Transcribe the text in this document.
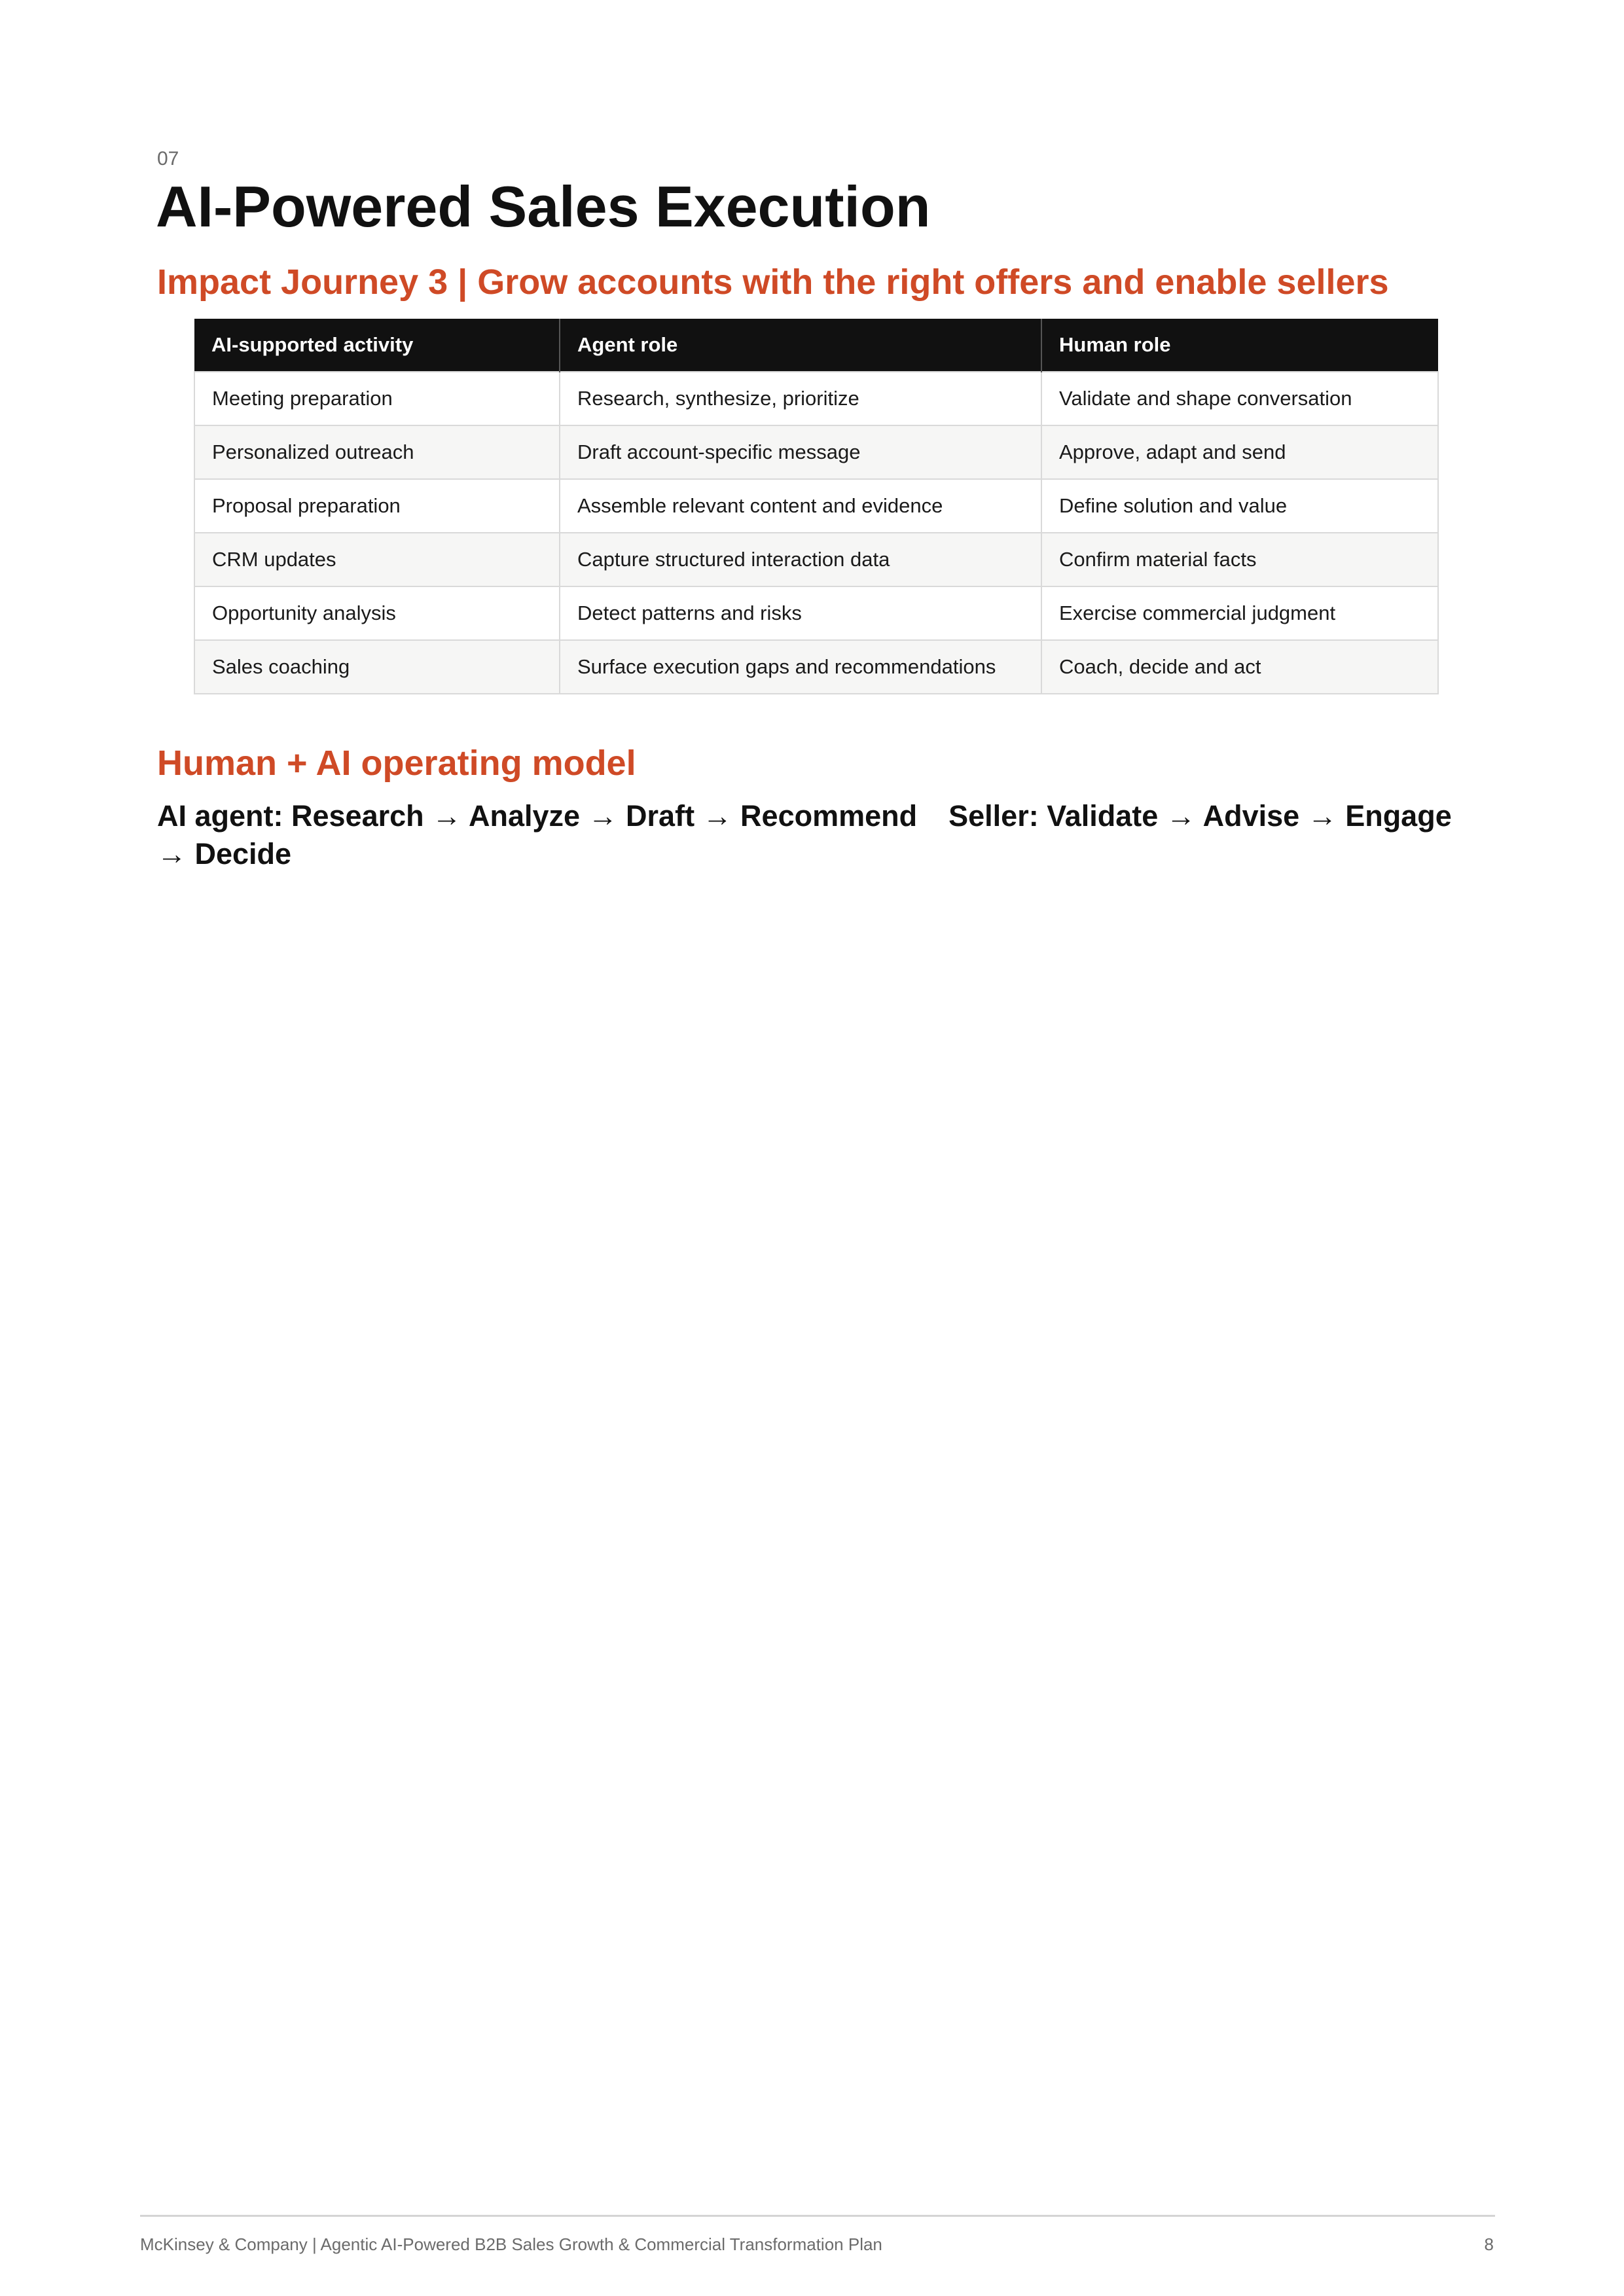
07
AI-Powered Sales Execution
Impact Journey 3 | Grow accounts with the right offers and enable sellers
AI-supported activity	Agent role	Human role
Meeting preparation	Research, synthesize, prioritize	Validate and shape conversation
Personalized outreach	Draft account-specific message	Approve, adapt and send
Proposal preparation	Assemble relevant content and evidence	Define solution and value
CRM updates	Capture structured interaction data	Confirm material facts
Opportunity analysis	Detect patterns and risks	Exercise commercial judgment
Sales coaching	Surface execution gaps and recommendations	Coach, decide and act
Human + AI operating model

AI agent: Research → Analyze → Draft → Recommend Seller: Validate → Advise → Engage → Decide

McKinsey & Company | Agentic AI-Powered B2B Sales Growth & Commercial Transformation Plan	8
